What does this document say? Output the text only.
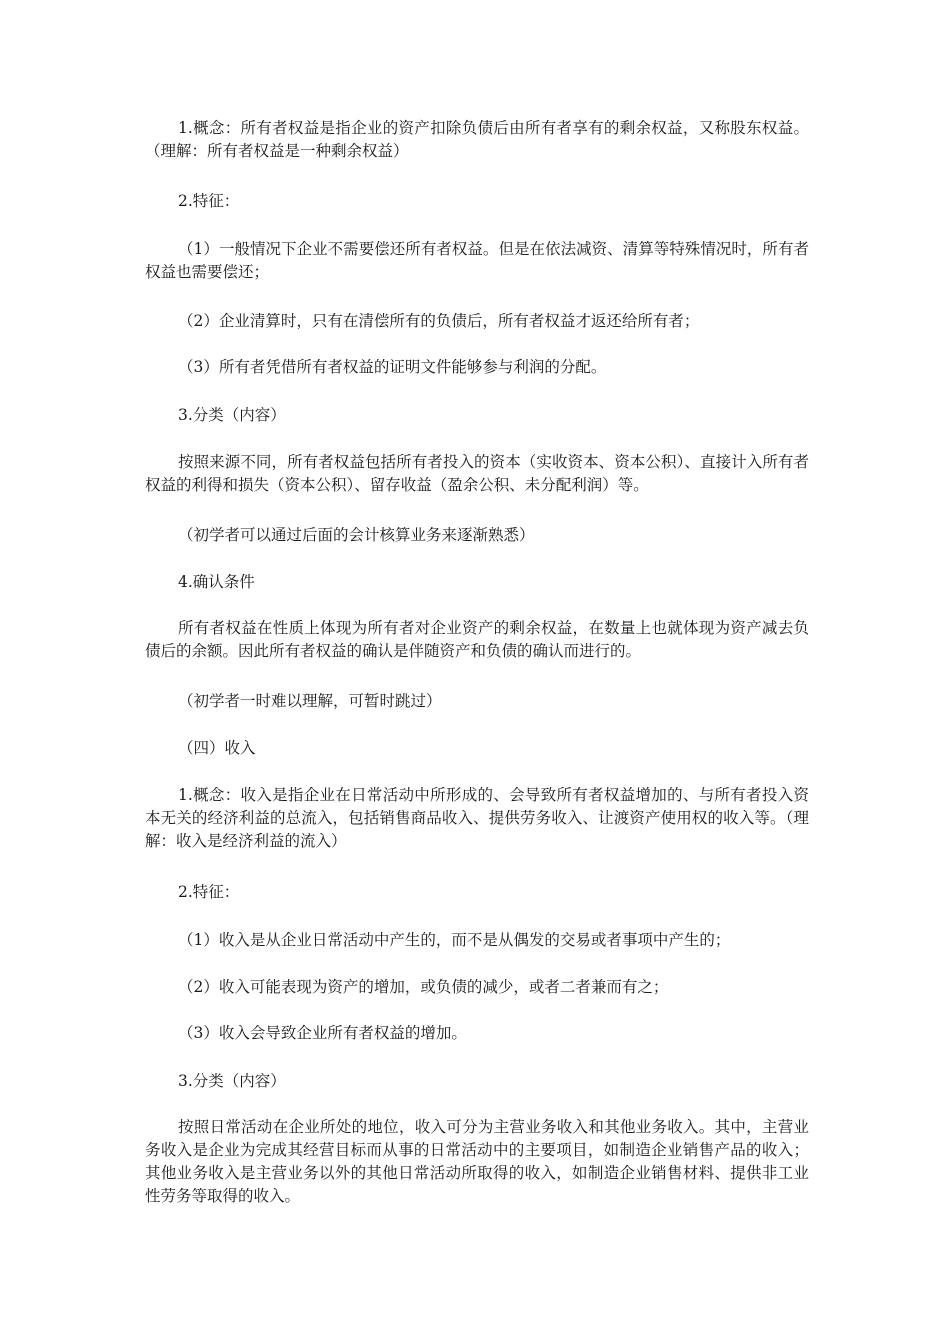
1.概念：所有者权益是指企业的资产扣除负债后由所有者享有的剩余权益，又称股东权益。（理解：所有者权益是一种剩余权益）

2.特征：

（1）一般情况下企业不需要偿还所有者权益。但是在依法减资、清算等特殊情况时，所有者权益也需要偿还；

（2）企业清算时，只有在清偿所有的负债后，所有者权益才返还给所有者；

（3）所有者凭借所有者权益的证明文件能够参与利润的分配。

3.分类（内容）

按照来源不同，所有者权益包括所有者投入的资本（实收资本、资本公积）、直接计入所有者权益的利得和损失（资本公积）、留存收益（盈余公积、未分配利润）等。

（初学者可以通过后面的会计核算业务来逐渐熟悉）

4.确认条件

所有者权益在性质上体现为所有者对企业资产的剩余权益，在数量上也就体现为资产减去负债后的余额。因此所有者权益的确认是伴随资产和负债的确认而进行的。

（初学者一时难以理解，可暂时跳过）

（四）收入

1.概念：收入是指企业在日常活动中所形成的、会导致所有者权益增加的、与所有者投入资本无关的经济利益的总流入，包括销售商品收入、提供劳务收入、让渡资产使用权的收入等。（理解：收入是经济利益的流入）

2.特征：

（1）收入是从企业日常活动中产生的，而不是从偶发的交易或者事项中产生的；

（2）收入可能表现为资产的增加，或负债的减少，或者二者兼而有之；

（3）收入会导致企业所有者权益的增加。

3.分类（内容）

按照日常活动在企业所处的地位，收入可分为主营业务收入和其他业务收入。其中，主营业务收入是企业为完成其经营目标而从事的日常活动中的主要项目，如制造企业销售产品的收入；其他业务收入是主营业务以外的其他日常活动所取得的收入，如制造企业销售材料、提供非工业性劳务等取得的收入。
